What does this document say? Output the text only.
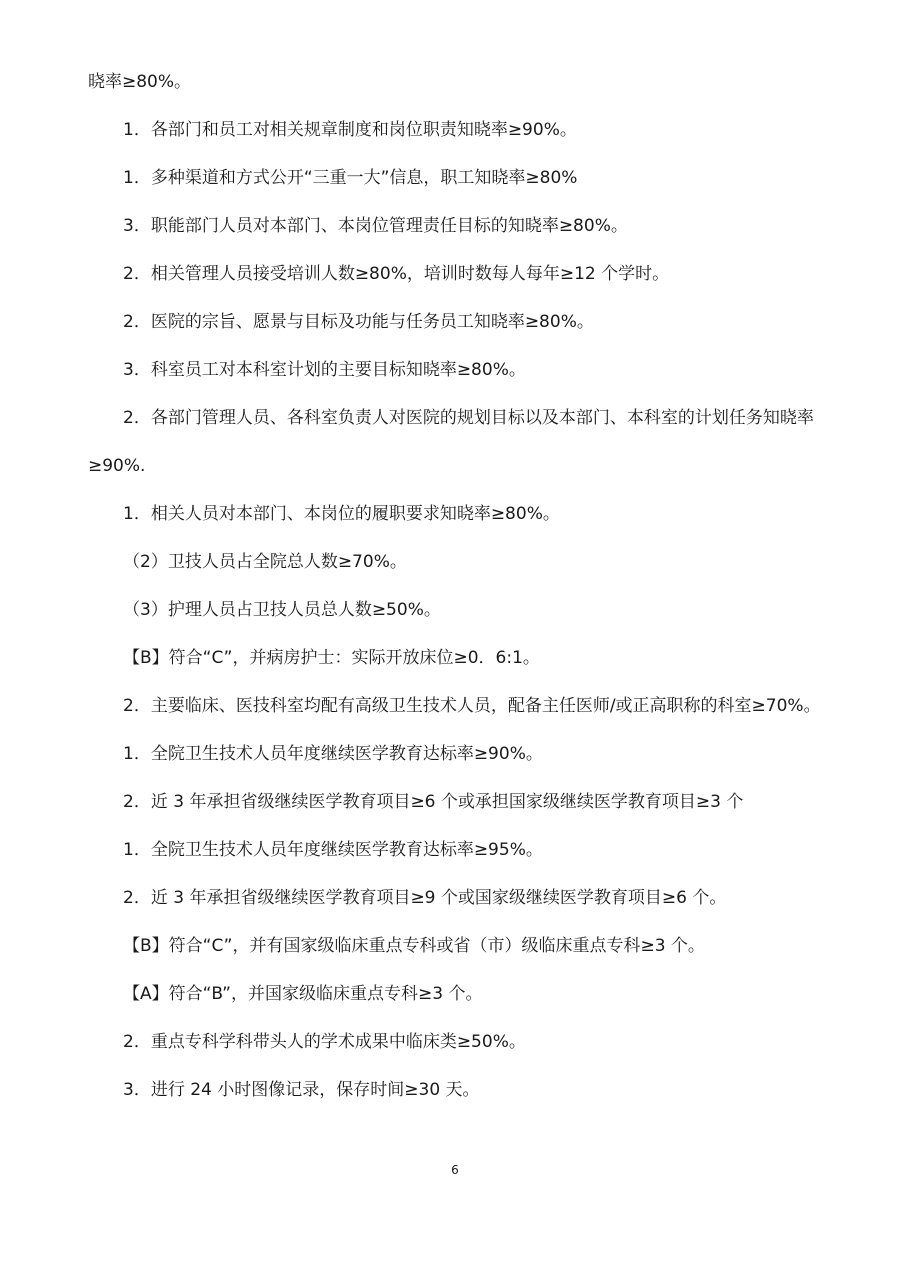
晓率≥80%。

1．各部门和员工对相关规章制度和岗位职责知晓率≥90%。

1．多种渠道和方式公开“三重一大”信息，职工知晓率≥80%

3．职能部门人员对本部门、本岗位管理责任目标的知晓率≥80%。

2．相关管理人员接受培训人数≥80%，培训时数每人每年≥12 个学时。

2．医院的宗旨、愿景与目标及功能与任务员工知晓率≥80%。

3．科室员工对本科室计划的主要目标知晓率≥80%。

2．各部门管理人员、各科室负责人对医院的规划目标以及本部门、本科室的计划任务知晓率≥90%.

1．相关人员对本部门、本岗位的履职要求知晓率≥80%。

（2）卫技人员占全院总人数≥70%。

（3）护理人员占卫技人员总人数≥50%。

【B】符合“C”，并病房护士：实际开放床位≥0．6:1。

2．主要临床、医技科室均配有高级卫生技术人员，配备主任医师/或正高职称的科室≥70%。

1．全院卫生技术人员年度继续医学教育达标率≥90%。

2．近 3 年承担省级继续医学教育项目≥6 个或承担国家级继续医学教育项目≥3 个

1．全院卫生技术人员年度继续医学教育达标率≥95%。

2．近 3 年承担省级继续医学教育项目≥9 个或国家级继续医学教育项目≥6 个。

【B】符合“C”，并有国家级临床重点专科或省（市）级临床重点专科≥3 个。

【A】符合“B”，并国家级临床重点专科≥3 个。

2．重点专科学科带头人的学术成果中临床类≥50%。

3．进行 24 小时图像记录，保存时间≥30 天。

6
